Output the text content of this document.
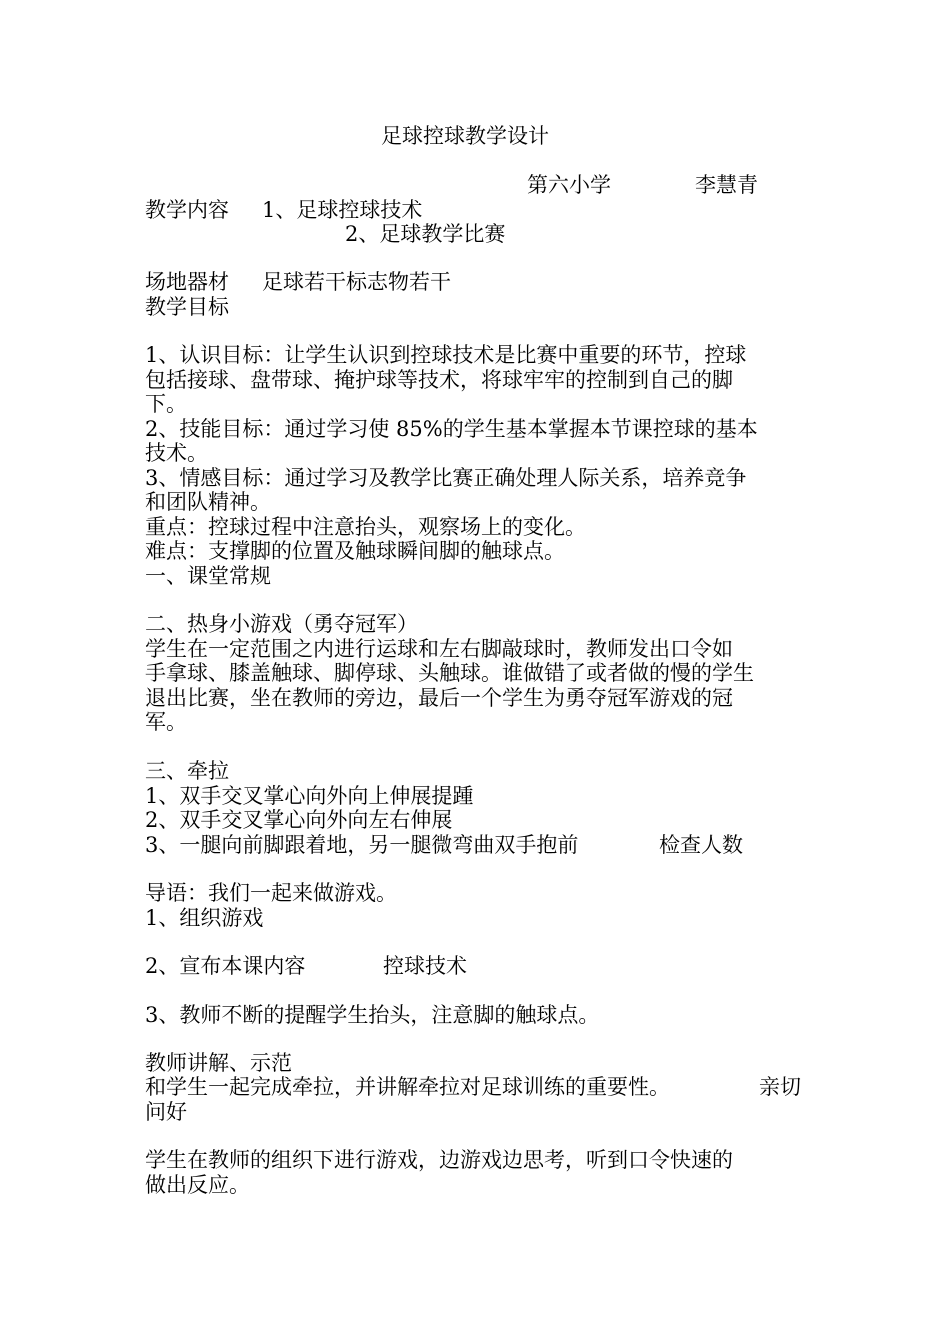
足球控球教学设计

第六小学	李慧青

教学内容 1、足球控球技术

2、足球教学比赛

场地器材 足球若干标志物若干

教学目标

1、认识目标：让学生认识到控球技术是比赛中重要的环节，控球

包括接球、盘带球、掩护球等技术，将球牢牢的控制到自己的脚

下。

2、技能目标：通过学习使 85%的学生基本掌握本节课控球的基本

技术。

3、情感目标：通过学习及教学比赛正确处理人际关系，培养竞争

和团队精神。

重点：控球过程中注意抬头，观察场上的变化。

难点：支撑脚的位置及触球瞬间脚的触球点。

一、课堂常规

二、热身小游戏（勇夺冠军）

学生在一定范围之内进行运球和左右脚敲球时，教师发出口令如

手拿球、膝盖触球、脚停球、头触球。谁做错了或者做的慢的学生

退出比赛，坐在教师的旁边，最后一个学生为勇夺冠军游戏的冠

军。

三、牵拉

1、双手交叉掌心向外向上伸展提踵

2、双手交叉掌心向外向左右伸展

3、一腿向前脚跟着地，另一腿微弯曲双手抱前	检查人数

导语：我们一起来做游戏。

1、组织游戏

2、宣布本课内容	控球技术

3、教师不断的提醒学生抬头，注意脚的触球点。

教师讲解、示范

和学生一起完成牵拉，并讲解牵拉对足球训练的重要性。	亲切

问好

学生在教师的组织下进行游戏，边游戏边思考，听到口令快速的

做出反应。
